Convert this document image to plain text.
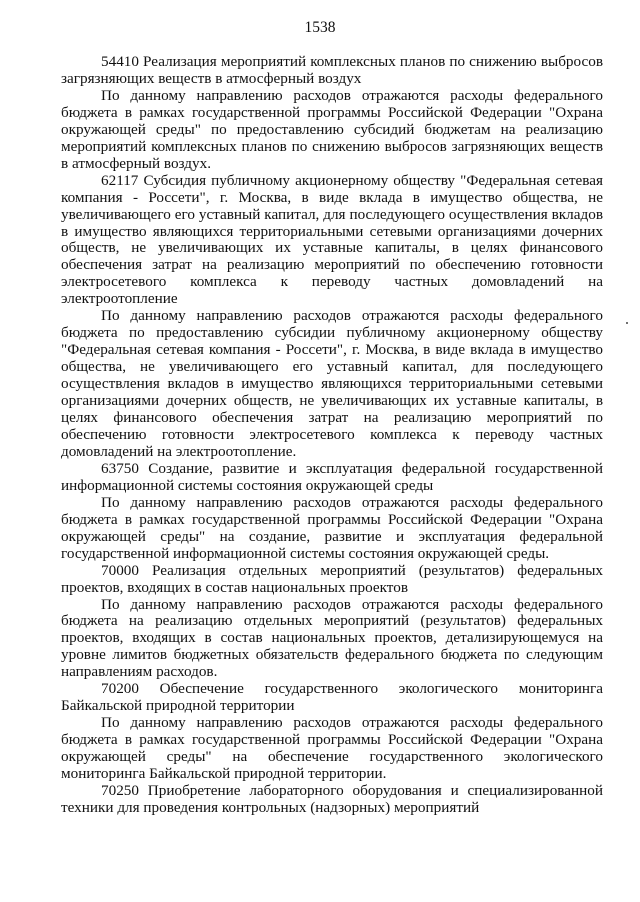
1538

54410 Реализация мероприятий комплексных планов по снижению выбросов загрязняющих веществ в атмосферный воздух

По данному направлению расходов отражаются расходы федерального бюджета в рамках государственной программы Российской Федерации "Охрана окружающей среды" по предоставлению субсидий бюджетам на реализацию мероприятий комплексных планов по снижению выбросов загрязняющих веществ в атмосферный воздух.

62117 Субсидия публичному акционерному обществу "Федеральная сетевая компания - Россети", г. Москва, в виде вклада в имущество общества, не увеличивающего его уставный капитал, для последующего осуществления вкладов в имущество являющихся территориальными сетевыми организациями дочерних обществ, не увеличивающих их уставные капиталы, в целях финансового обеспечения затрат на реализацию мероприятий по обеспечению готовности электросетевого комплекса к переводу частных домовладений на электроотопление

По данному направлению расходов отражаются расходы федерального бюджета по предоставлению субсидии публичному акционерному обществу "Федеральная сетевая компания - Россети", г. Москва, в виде вклада в имущество общества, не увеличивающего его уставный капитал, для последующего осуществления вкладов в имущество являющихся территориальными сетевыми организациями дочерних обществ, не увеличивающих их уставные капиталы, в целях финансового обеспечения затрат на реализацию мероприятий по обеспечению готовности электросетевого комплекса к переводу частных домовладений на электроотопление.

63750 Создание, развитие и эксплуатация федеральной государственной информационной системы состояния окружающей среды

По данному направлению расходов отражаются расходы федерального бюджета в рамках государственной программы Российской Федерации "Охрана окружающей среды" на создание, развитие и эксплуатация федеральной государственной информационной системы состояния окружающей среды.

70000 Реализация отдельных мероприятий (результатов) федеральных проектов, входящих в состав национальных проектов

По данному направлению расходов отражаются расходы федерального бюджета на реализацию отдельных мероприятий (результатов) федеральных проектов, входящих в состав национальных проектов, детализирующемуся на уровне лимитов бюджетных обязательств федерального бюджета по следующим направлениям расходов.

70200 Обеспечение государственного экологического мониторинга Байкальской природной территории

По данному направлению расходов отражаются расходы федерального бюджета в рамках государственной программы Российской Федерации "Охрана окружающей среды" на обеспечение государственного экологического мониторинга Байкальской природной территории.

70250 Приобретение лабораторного оборудования и специализированной техники для проведения контрольных (надзорных) мероприятий
